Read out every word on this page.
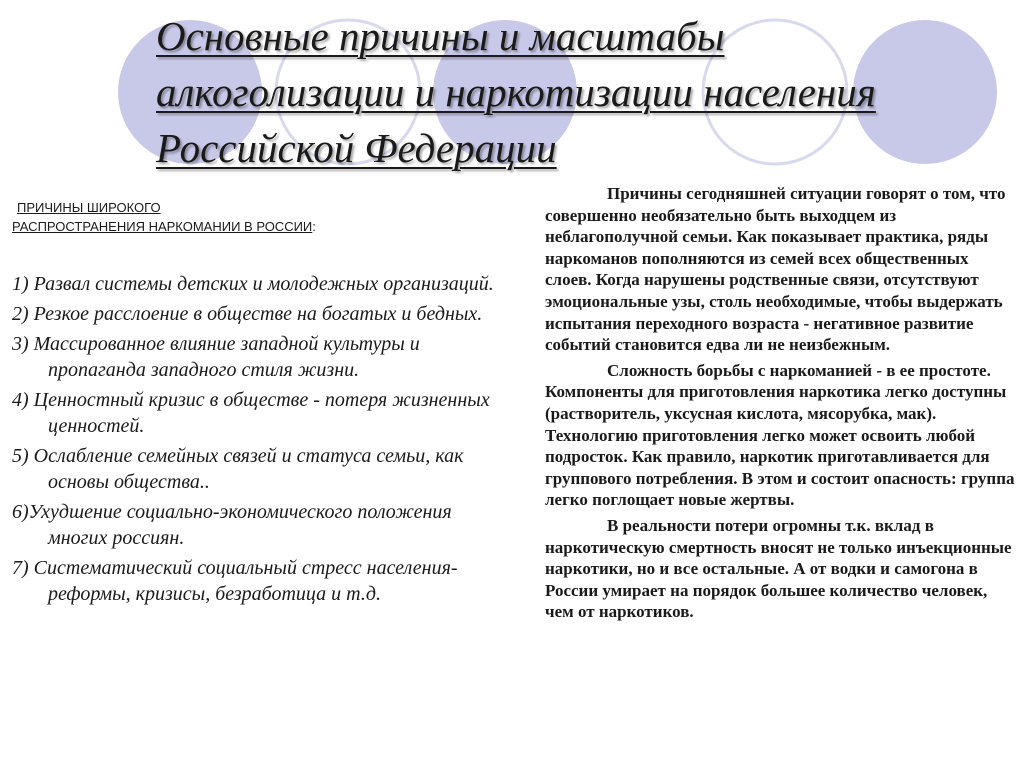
Основные причины и масштабы
алкоголизации и наркотизации населения
Российской Федерации
ПРИЧИНЫ ШИРОКОГО
РАСПРОСТРАНЕНИЯ НАРКОМАНИИ В РОССИИ:
1) Развал системы детских и молодежных организаций.
2) Резкое расслоение в обществе на богатых и бедных.
3) Массированное влияние западной культуры и пропаганда западного стиля жизни.
4) Ценностный кризис в обществе - потеря жизненных ценностей.
5) Ослабление семейных связей и статуса семьи, как основы общества..
6)Ухудшение социально-экономического положения многих россиян.
7) Систематический социальный стресс населения-реформы, кризисы, безработица и т.д.

Причины сегодняшней ситуации говорят о том, что совершенно необязательно быть выходцем из неблагополучной семьи. Как показывает практика, ряды наркоманов пополняются из семей всех общественных слоев. Когда нарушены родственные связи, отсутствуют эмоциональные узы, столь необходимые, чтобы выдержать испытания переходного возраста - негативное развитие событий становится едва ли не неизбежным.

Сложность борьбы с наркоманией - в ее простоте. Компоненты для приготовления наркотика легко доступны (растворитель, уксусная кислота, мясорубка, мак). Технологию приготовления легко может освоить любой подросток. Как правило, наркотик приготавливается для группового потребления. В этом и состоит опасность: группа легко поглощает новые жертвы.

В реальности потери огромны т.к. вклад в наркотическую смертность вносят не только инъекционные наркотики, но и все остальные. А от водки и самогона в России умирает на порядок большее количество человек, чем от наркотиков.
